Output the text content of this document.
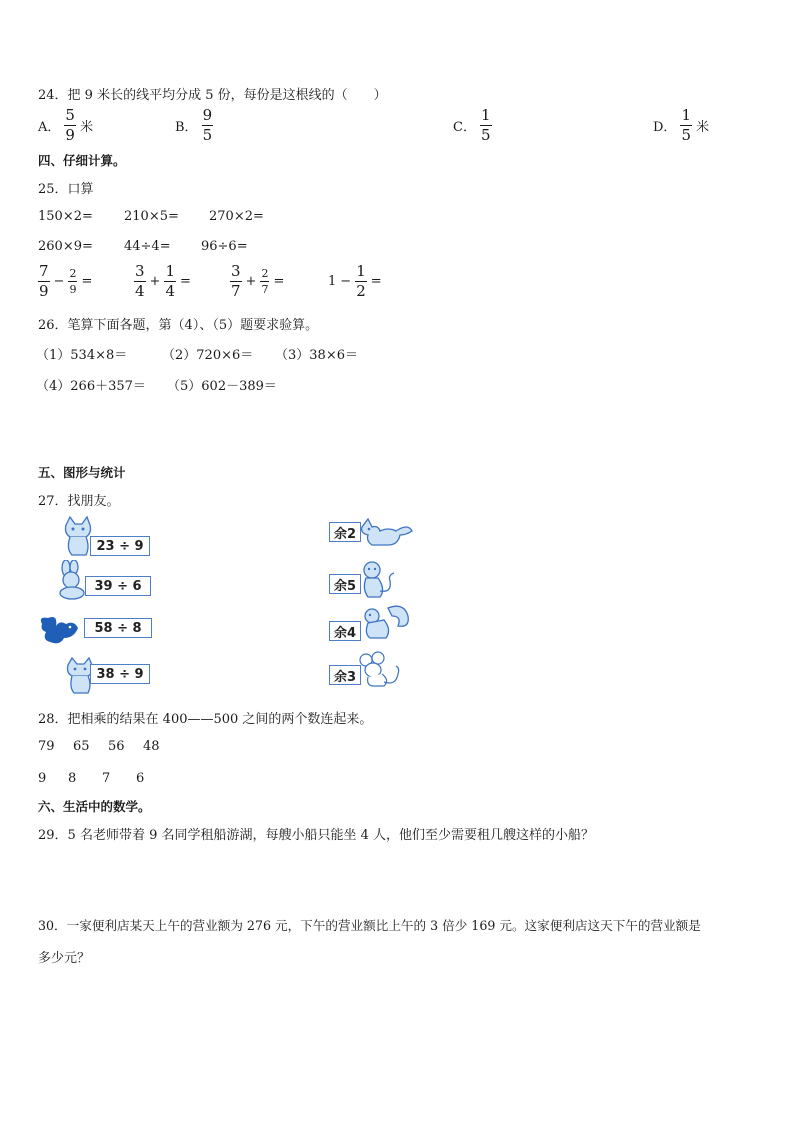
24．把 9 米长的线平均分成 5 份，每份是这根线的（　　）
A． $\frac{5}{9}$ 米	B． $\frac{9}{5}$	C． $\frac{1}{5}$	D． $\frac{1}{5}$ 米
四、仔细计算。
25．口算
150×2= 210×5= 270×2=
260×9= 44÷4= 96÷6=
$\frac{7}{9} - \frac{2}{9}$ =	$\frac{3}{4} + \frac{1}{4}$ =	$\frac{3}{7} + \frac{2}{7}$ =	$1 - \frac{1}{2}$ =
26．笔算下面各题，第（4）、（5）题要求验算。
（1）534×8＝	（2）720×6＝ （3）38×6＝
（4）266＋357＝ （5）602－389＝
五、图形与统计
27．找朋友。
23 ÷ 9
39 ÷ 6
58 ÷ 8
38 ÷ 9
余2
余5
余4
余3
28．把相乘的结果在 400——500 之间的两个数连起来。
79 65 56 48
9 8 7 6
六、生活中的数学。
29．5 名老师带着 9 名同学租船游湖，每艘小船只能坐 4 人，他们至少需要租几艘这样的小船？
30．一家便利店某天上午的营业额为 276 元，下午的营业额比上午的 3 倍少 169 元。这家便利店这天下午的营业额是
多少元？
